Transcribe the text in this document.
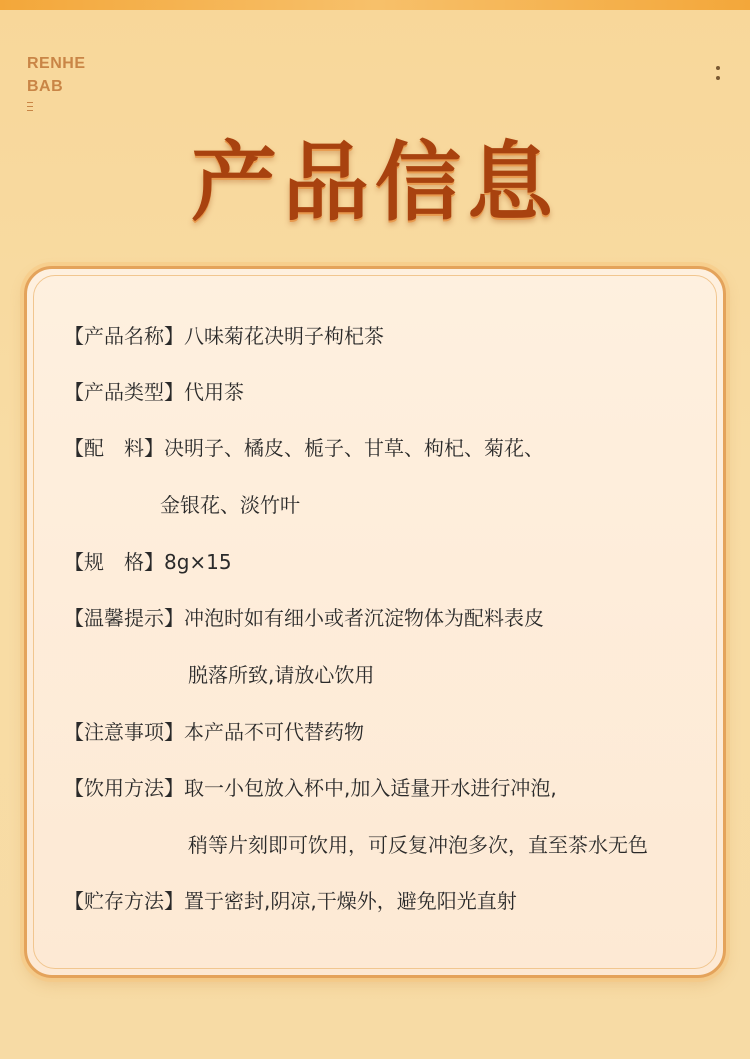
RENHE
BAB
产品信息
【产品名称】八味菊花决明子枸杞茶
【产品类型】代用茶
【配　料】决明子、橘皮、栀子、甘草、枸杞、菊花、
金银花、淡竹叶
【规　格】8g×15
【温馨提示】冲泡时如有细小或者沉淀物体为配料表皮
脱落所致,请放心饮用
【注意事项】本产品不可代替药物
【饮用方法】取一小包放入杯中,加入适量开水进行冲泡,
稍等片刻即可饮用，可反复冲泡多次，直至茶水无色
【贮存方法】置于密封,阴凉,干燥外，避免阳光直射
